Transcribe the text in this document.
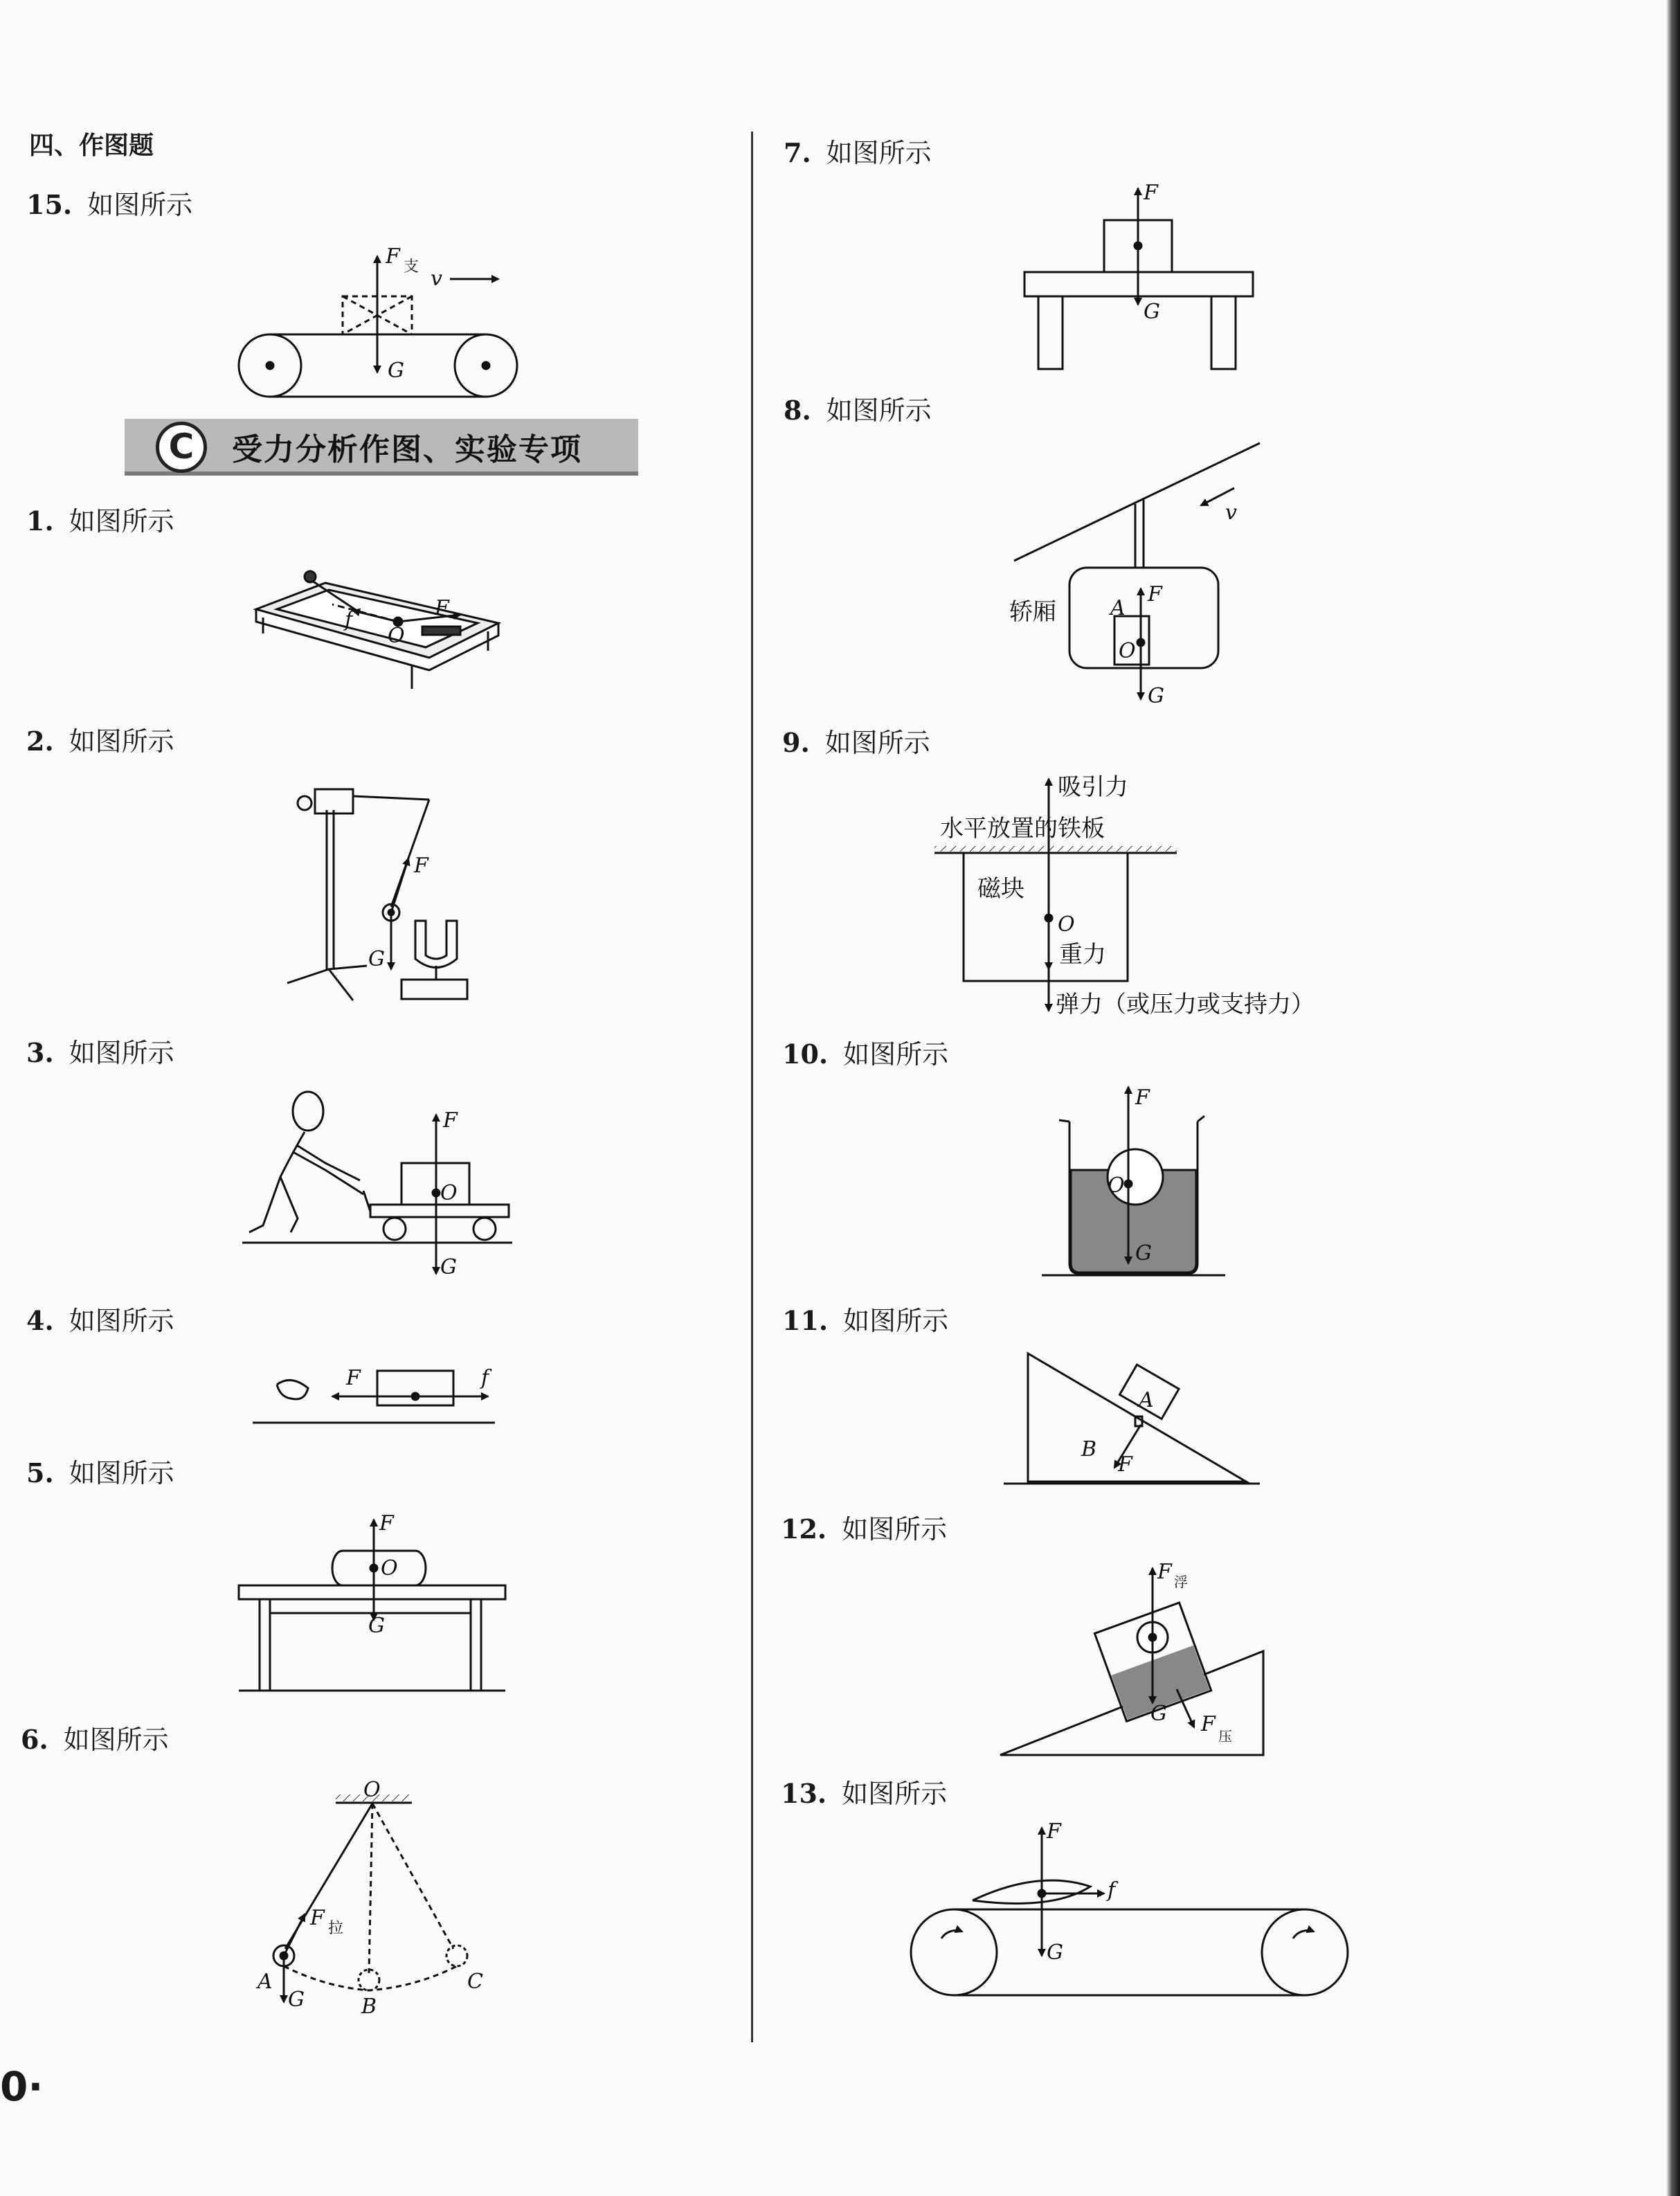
四、作图题
15. 如图所示
1. 如图所示
2. 如图所示
3. 如图所示
4. 如图所示
5. 如图所示
6. 如图所示
7. 如图所示
8. 如图所示
9. 如图所示
10. 如图所示
11. 如图所示
12. 如图所示
13. 如图所示
C	受力分析作图、实验专项
0·
F 支 v
G
F
f
O
F
G
F
O
G
F	f
F
O
G
O
F 拉
A
G	B
C
F
G
v
轿厢	A
F
O
G
吸引力
水平放置的铁板
磁块
O
重力
弹力（或压力或支持力）
F
O
G
A
B
F
F 浮
G F 压
F
f
G
